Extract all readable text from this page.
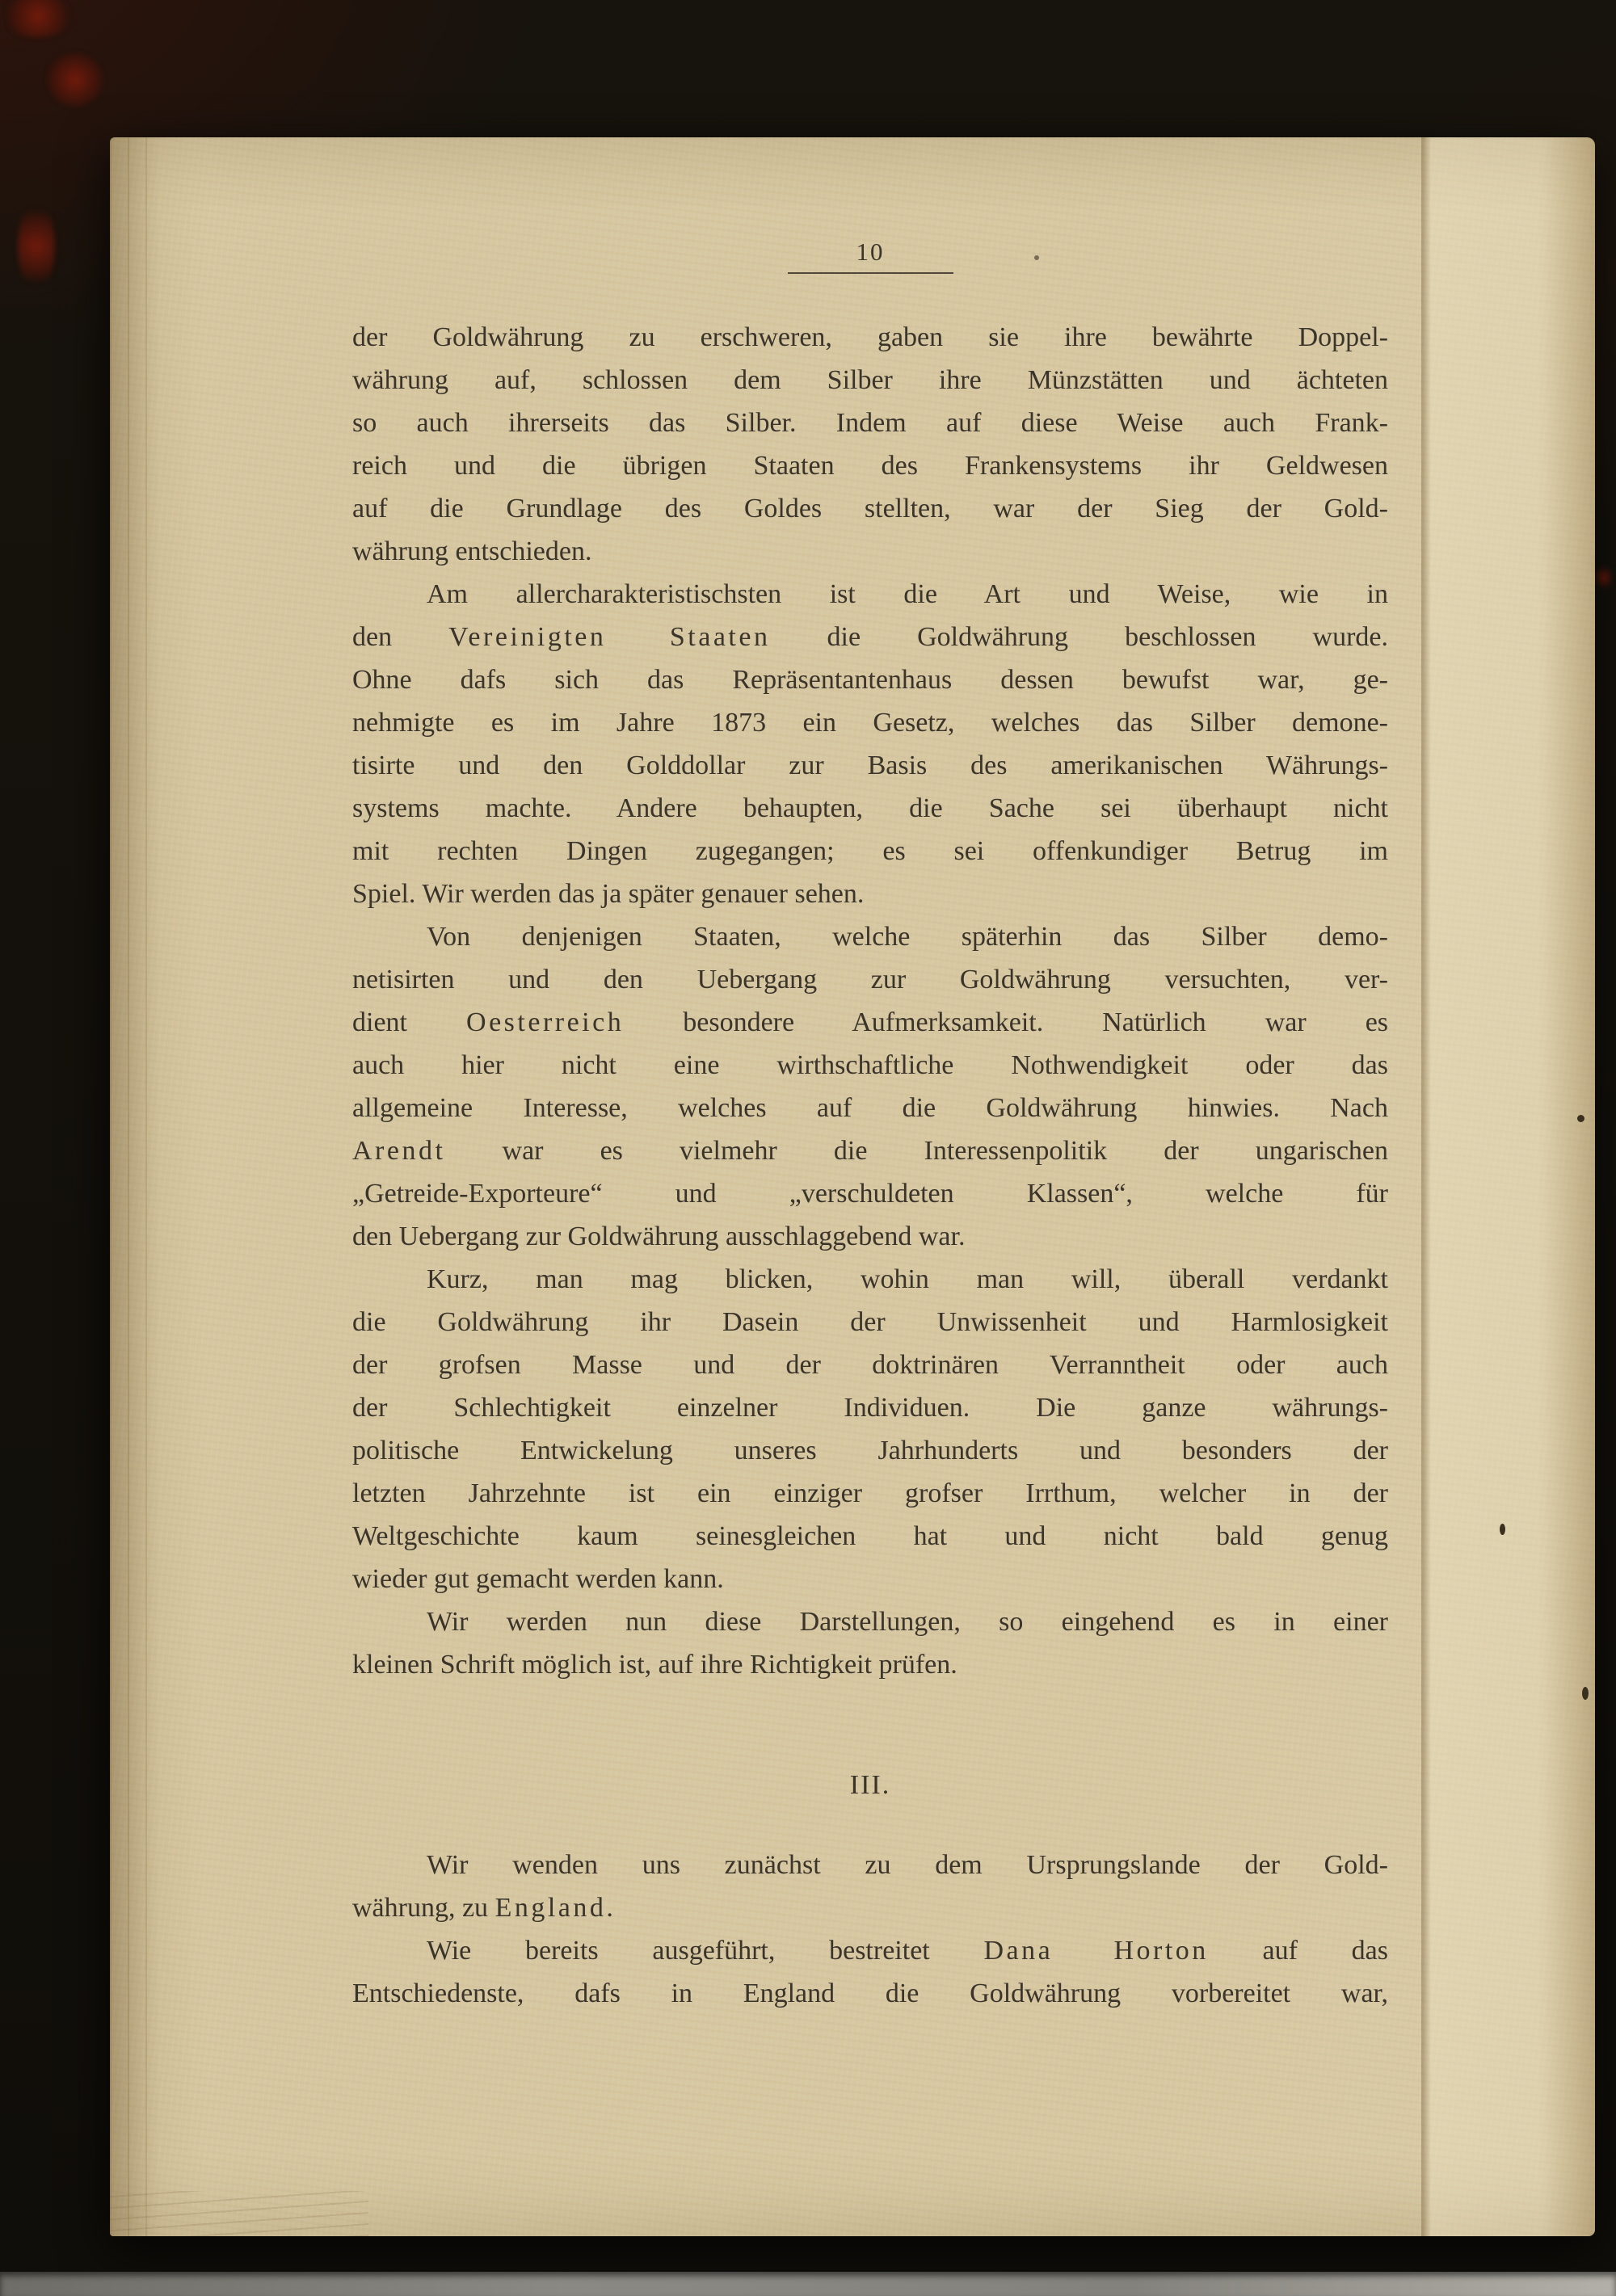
10
der Goldwährung zu erschweren, gaben sie ihre bewährte Doppel-
währung auf, schlossen dem Silber ihre Münzstätten und ächteten
so auch ihrerseits das Silber. Indem auf diese Weise auch Frank-
reich und die übrigen Staaten des Frankensystems ihr Geldwesen
auf die Grundlage des Goldes stellten, war der Sieg der Gold-
währung entschieden.
Am allercharakteristischsten ist die Art und Weise, wie in
den Vereinigten Staaten die Goldwährung beschlossen wurde.
Ohne dafs sich das Repräsentantenhaus dessen bewufst war, ge-
nehmigte es im Jahre 1873 ein Gesetz, welches das Silber demone-
tisirte und den Golddollar zur Basis des amerikanischen Währungs-
systems machte. Andere behaupten, die Sache sei überhaupt nicht
mit rechten Dingen zugegangen; es sei offenkundiger Betrug im
Spiel. Wir werden das ja später genauer sehen.
Von denjenigen Staaten, welche späterhin das Silber demo-
netisirten und den Uebergang zur Goldwährung versuchten, ver-
dient Oesterreich besondere Aufmerksamkeit. Natürlich war es
auch hier nicht eine wirthschaftliche Nothwendigkeit oder das
allgemeine Interesse, welches auf die Goldwährung hinwies. Nach
Arendt war es vielmehr die Interessenpolitik der ungarischen
„Getreide-Exporteure“ und „verschuldeten Klassen“, welche für
den Uebergang zur Goldwährung ausschlaggebend war.
Kurz, man mag blicken, wohin man will, überall verdankt
die Goldwährung ihr Dasein der Unwissenheit und Harmlosigkeit
der grofsen Masse und der doktrinären Verranntheit oder auch
der Schlechtigkeit einzelner Individuen. Die ganze währungs-
politische Entwickelung unseres Jahrhunderts und besonders der
letzten Jahrzehnte ist ein einziger grofser Irrthum, welcher in der
Weltgeschichte kaum seinesgleichen hat und nicht bald genug
wieder gut gemacht werden kann.
Wir werden nun diese Darstellungen, so eingehend es in einer
kleinen Schrift möglich ist, auf ihre Richtigkeit prüfen.
III.
Wir wenden uns zunächst zu dem Ursprungslande der Gold-
währung, zu England.
Wie bereits ausgeführt, bestreitet Dana Horton auf das
Entschiedenste, dafs in England die Goldwährung vorbereitet war,
